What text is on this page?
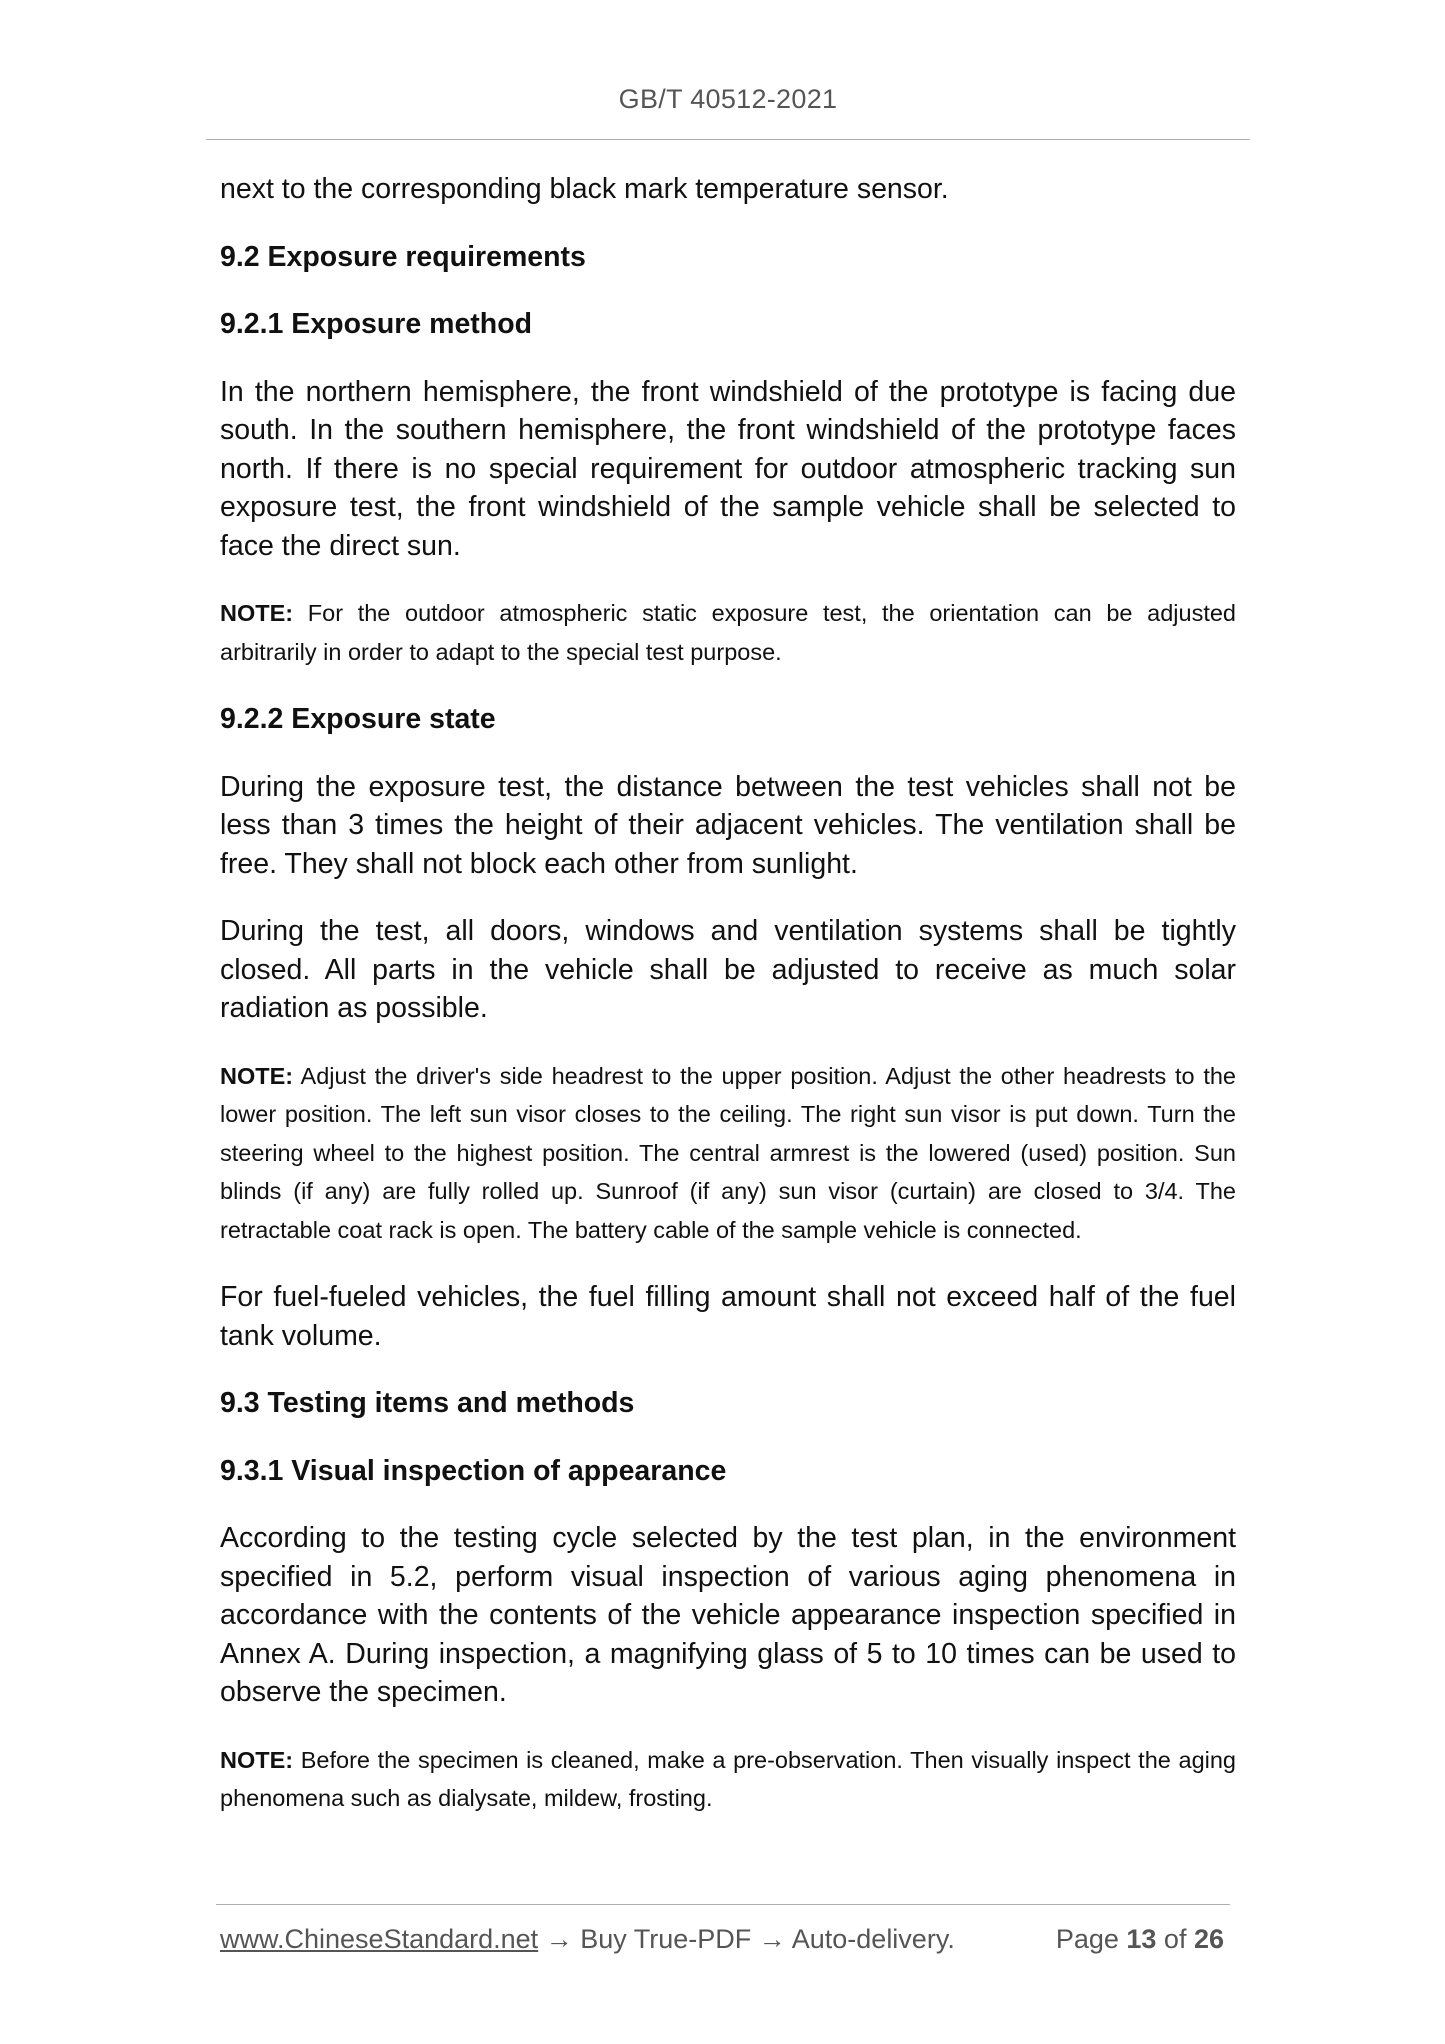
GB/T 40512-2021

next to the corresponding black mark temperature sensor.

9.2 Exposure requirements

9.2.1 Exposure method

In the northern hemisphere, the front windshield of the prototype is facing due south. In the southern hemisphere, the front windshield of the prototype faces north. If there is no special requirement for outdoor atmospheric tracking sun exposure test, the front windshield of the sample vehicle shall be selected to face the direct sun.

NOTE: For the outdoor atmospheric static exposure test, the orientation can be adjusted arbitrarily in order to adapt to the special test purpose.

9.2.2 Exposure state

During the exposure test, the distance between the test vehicles shall not be less than 3 times the height of their adjacent vehicles. The ventilation shall be free. They shall not block each other from sunlight.

During the test, all doors, windows and ventilation systems shall be tightly closed. All parts in the vehicle shall be adjusted to receive as much solar radiation as possible.

NOTE: Adjust the driver's side headrest to the upper position. Adjust the other headrests to the lower position. The left sun visor closes to the ceiling. The right sun visor is put down. Turn the steering wheel to the highest position. The central armrest is the lowered (used) position. Sun blinds (if any) are fully rolled up. Sunroof (if any) sun visor (curtain) are closed to 3/4. The retractable coat rack is open. The battery cable of the sample vehicle is connected.

For fuel-fueled vehicles, the fuel filling amount shall not exceed half of the fuel tank volume.

9.3 Testing items and methods

9.3.1 Visual inspection of appearance

According to the testing cycle selected by the test plan, in the environment specified in 5.2, perform visual inspection of various aging phenomena in accordance with the contents of the vehicle appearance inspection specified in Annex A. During inspection, a magnifying glass of 5 to 10 times can be used to observe the specimen.

NOTE: Before the specimen is cleaned, make a pre-observation. Then visually inspect the aging phenomena such as dialysate, mildew, frosting.

www.ChineseStandard.net → Buy True-PDF → Auto-delivery.	Page 13 of 26
